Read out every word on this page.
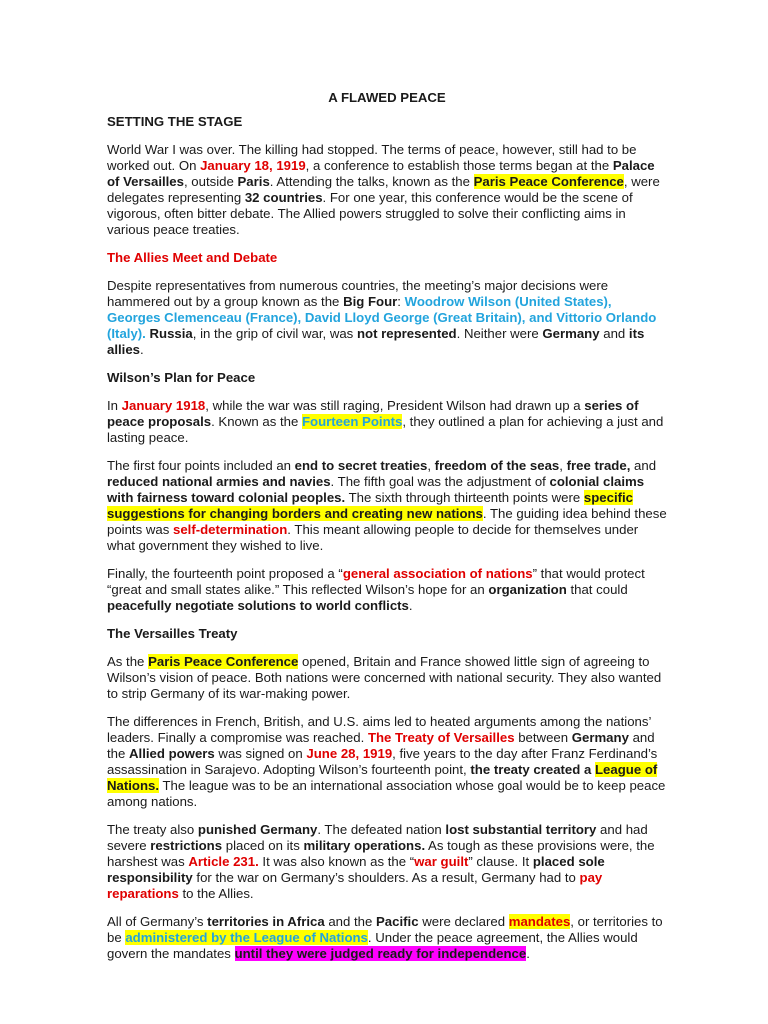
A FLAWED PEACE
SETTING THE STAGE

World War I was over. The killing had stopped. The terms of peace, however, still had to be worked out. On January 18, 1919, a conference to establish those terms began at the Palace of Versailles, outside Paris. Attending the talks, known as the Paris Peace Conference, were delegates representing 32 countries. For one year, this conference would be the scene of vigorous, often bitter debate. The Allied powers struggled to solve their conflicting aims in various peace treaties.

The Allies Meet and Debate

Despite representatives from numerous countries, the meeting’s major decisions were hammered out by a group known as the Big Four: Woodrow Wilson (United States), Georges Clemenceau (France), David Lloyd George (Great Britain), and Vittorio Orlando (Italy). Russia, in the grip of civil war, was not represented. Neither were Germany and its allies.

Wilson’s Plan for Peace

In January 1918, while the war was still raging, President Wilson had drawn up a series of peace proposals. Known as the Fourteen Points, they outlined a plan for achieving a just and lasting peace.

The first four points included an end to secret treaties, freedom of the seas, free trade, and reduced national armies and navies. The fifth goal was the adjustment of colonial claims with fairness toward colonial peoples. The sixth through thirteenth points were specific suggestions for changing borders and creating new nations. The guiding idea behind these points was self-determination. This meant allowing people to decide for themselves under what government they wished to live.

Finally, the fourteenth point proposed a “general association of nations” that would protect “great and small states alike.” This reflected Wilson’s hope for an organization that could peacefully negotiate solutions to world conflicts.

The Versailles Treaty

As the Paris Peace Conference opened, Britain and France showed little sign of agreeing to Wilson’s vision of peace. Both nations were concerned with national security. They also wanted to strip Germany of its war-making power.

The differences in French, British, and U.S. aims led to heated arguments among the nations’ leaders. Finally a compromise was reached. The Treaty of Versailles between Germany and the Allied powers was signed on June 28, 1919, five years to the day after Franz Ferdinand’s assassination in Sarajevo. Adopting Wilson’s fourteenth point, the treaty created a League of Nations. The league was to be an international association whose goal would be to keep peace among nations.

The treaty also punished Germany. The defeated nation lost substantial territory and had severe restrictions placed on its military operations. As tough as these provisions were, the harshest was Article 231. It was also known as the “war guilt” clause. It placed sole responsibility for the war on Germany’s shoulders. As a result, Germany had to pay reparations to the Allies.

All of Germany’s territories in Africa and the Pacific were declared mandates, or territories to be administered by the League of Nations. Under the peace agreement, the Allies would govern the mandates until they were judged ready for independence.
